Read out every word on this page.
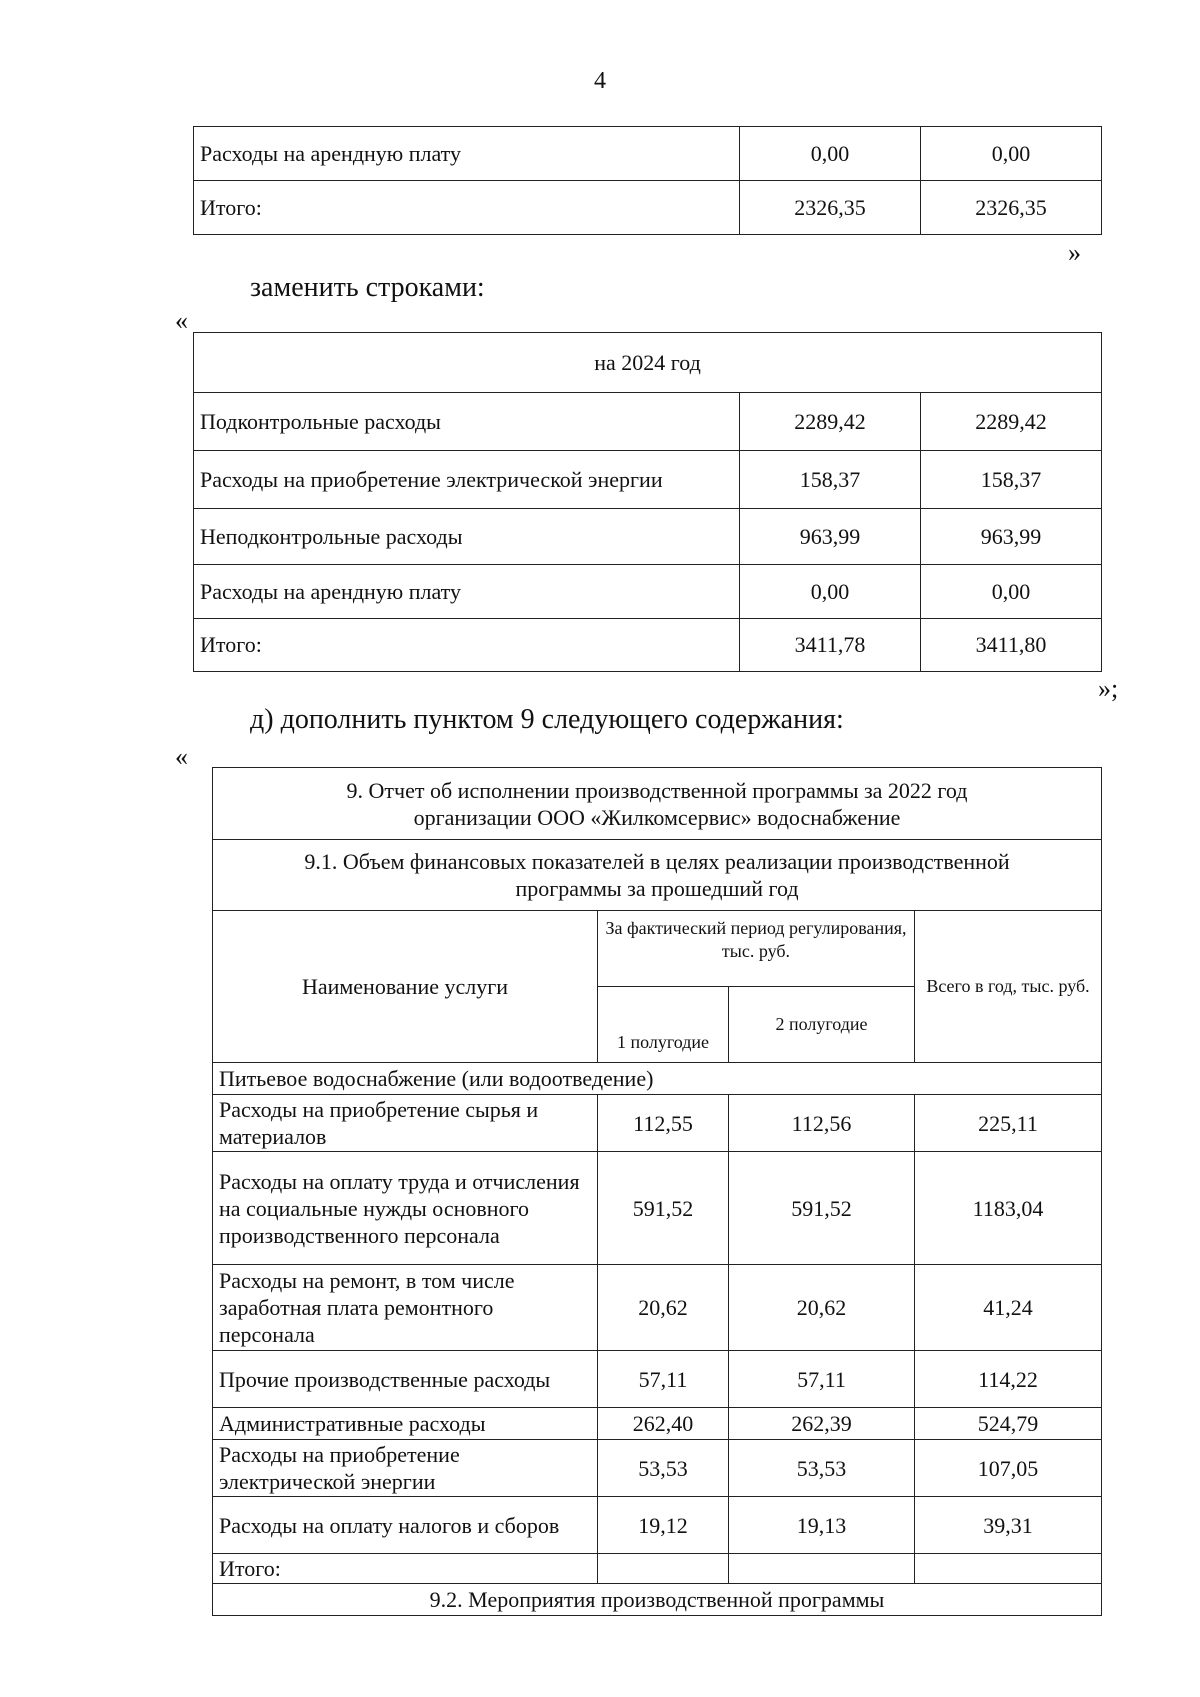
4
Расходы на арендную плату	0,00	0,00
Итого:	2326,35	2326,35
»
заменить строками:
«
на 2024 год		
Подконтрольные расходы	2289,42	2289,42
Расходы на приобретение электрической энергии	158,37	158,37
Неподконтрольные расходы	963,99	963,99
Расходы на арендную плату	0,00	0,00
Итого:	3411,78	3411,80
»;
д) дополнить пунктом 9 следующего содержания:
«
9. Отчет об исполнении производственной программы за 2022 год
организации ООО «Жилкомсервис» водоснабжение			

9.1. Объем финансовых показателей в целях реализации производственной
программы за прошедший год			

Наименование услуги	За фактический период регулирования, тыс. руб.		Всего в год, тыс. руб.
	1 полугодие	2 полугодие	
Питьевое водоснабжение (или водоотведение)			
Расходы на приобретение сырья и материалов	112,55	112,56	225,11
Расходы на оплату труда и отчисления на социальные нужды основного производственного персонала	591,52	591,52	1183,04
Расходы на ремонт, в том числе заработная плата ремонтного персонала	20,62	20,62	41,24
Прочие производственные расходы	57,11	57,11	114,22
Административные расходы	262,40	262,39	524,79
Расходы на приобретение электрической энергии	53,53	53,53	107,05
Расходы на оплату налогов и сборов	19,12	19,13	39,31
Итого:			
9.2. Мероприятия производственной программы			
